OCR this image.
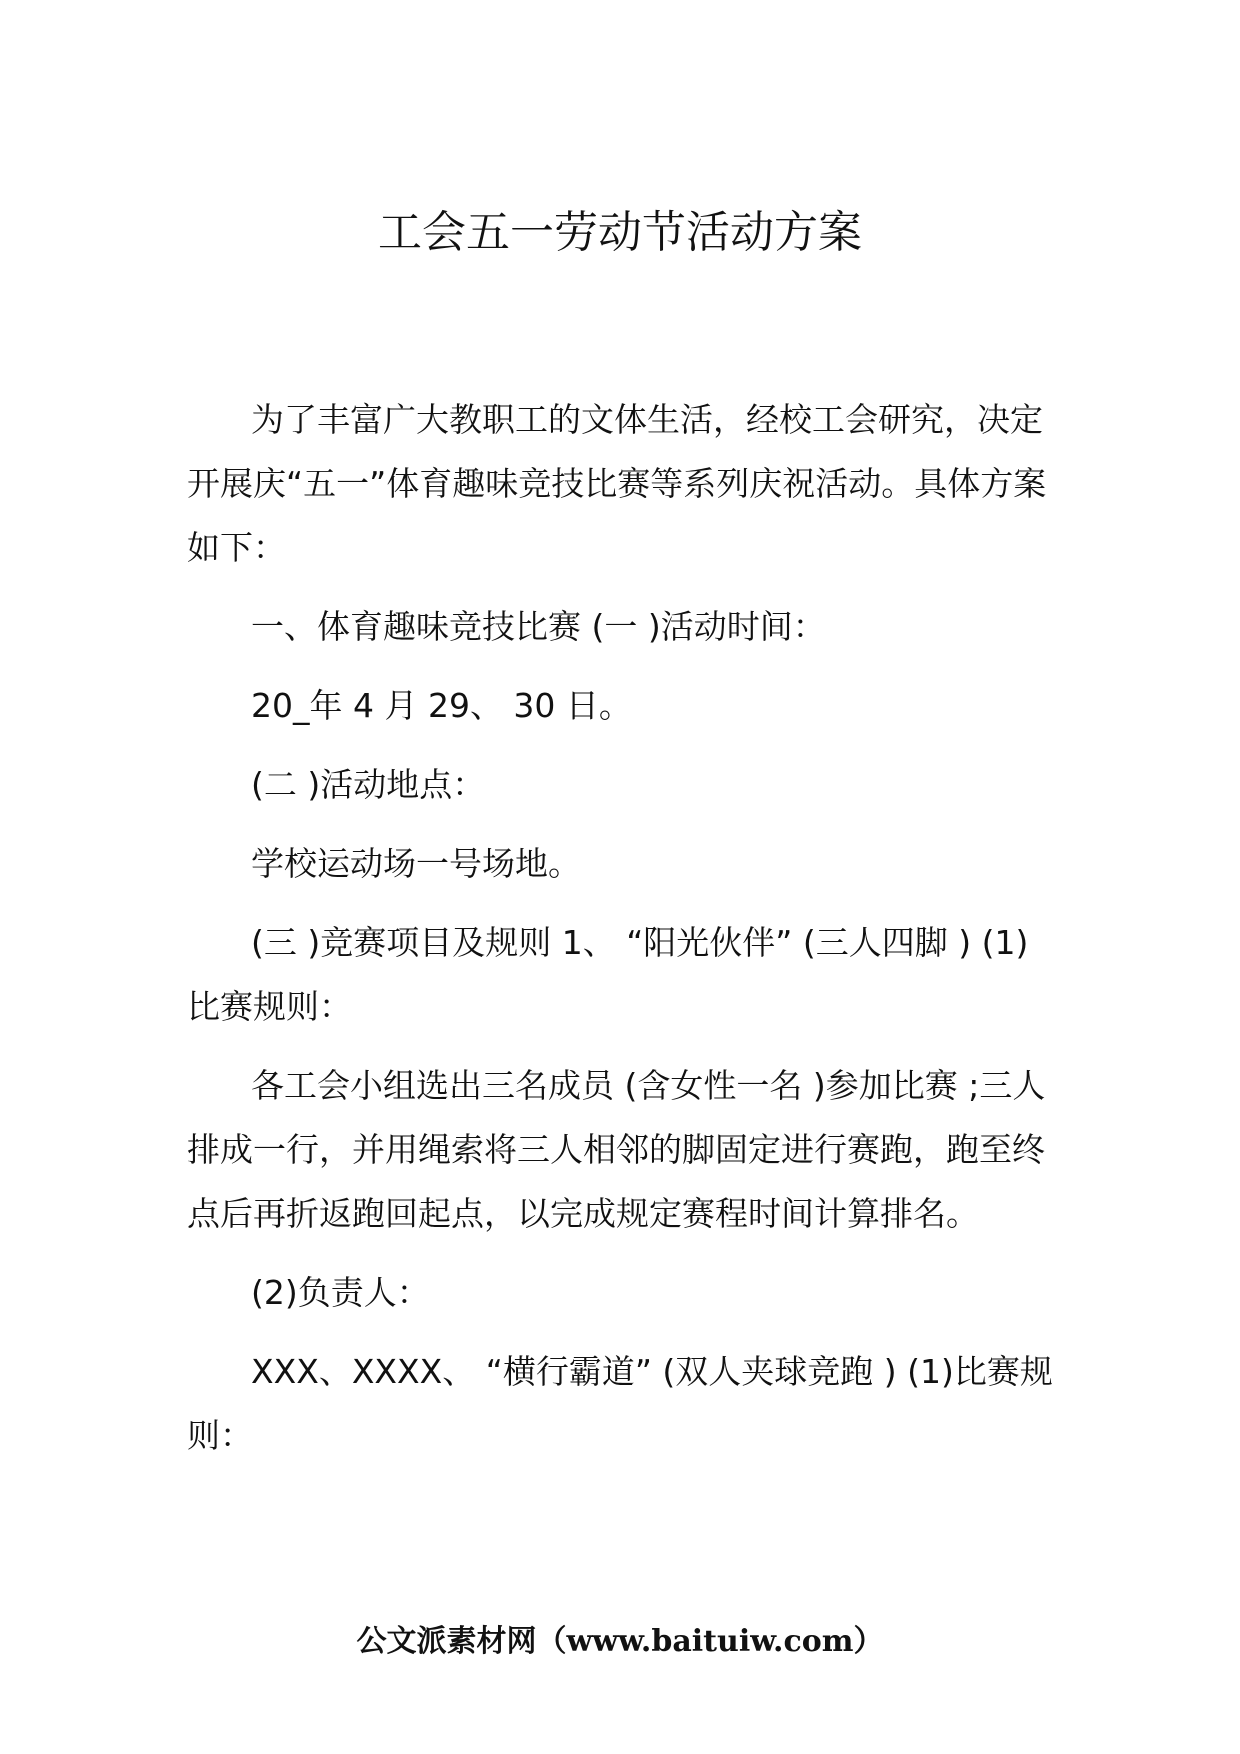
工会五一劳动节活动方案

为了丰富广大教职工的文体生活，经校工会研究，决定开展庆“五一”体育趣味竞技比赛等系列庆祝活动。具体方案如下：

一、体育趣味竞技比赛 (一 )活动时间：

20_年 4 月 29、 30 日。

(二 )活动地点：

学校运动场一号场地。

(三 )竞赛项目及规则 1、 “阳光伙伴” (三人四脚 ) (1)比赛规则：

各工会小组选出三名成员 (含女性一名 )参加比赛 ;三人排成一行，并用绳索将三人相邻的脚固定进行赛跑，跑至终点后再折返跑回起点，以完成规定赛程时间计算排名。

(2)负责人：

XXX、XXXX、 “横行霸道” (双人夹球竞跑 ) (1)比赛规则：

公文派素材网（www.baituiw.com）
